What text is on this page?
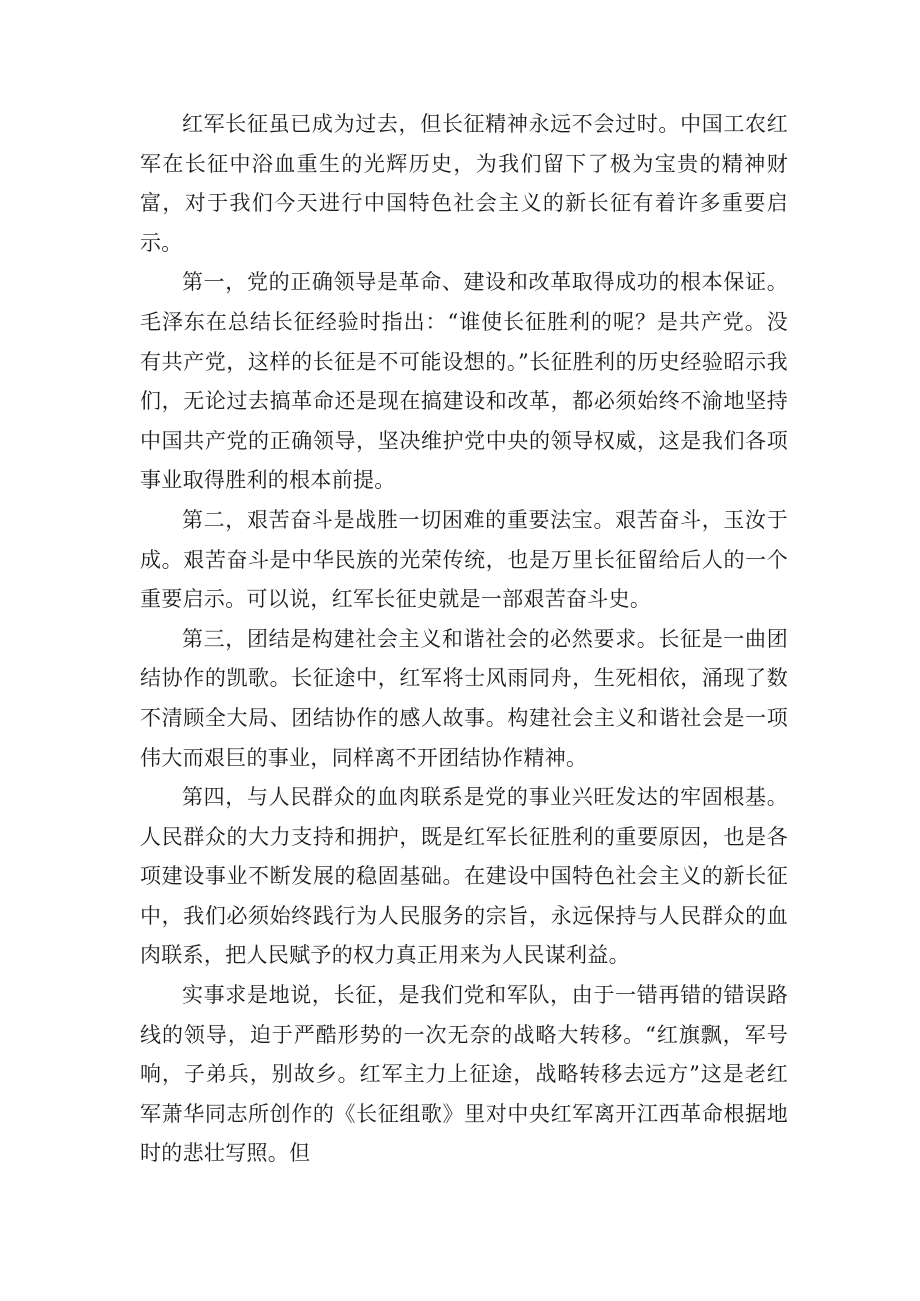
红军长征虽已成为过去，但长征精神永远不会过时。中国工农红军在长征中浴血重生的光辉历史，为我们留下了极为宝贵的精神财富，对于我们今天进行中国特色社会主义的新长征有着许多重要启示。

第一，党的正确领导是革命、建设和改革取得成功的根本保证。毛泽东在总结长征经验时指出：“谁使长征胜利的呢？是共产党。没有共产党，这样的长征是不可能设想的。”长征胜利的历史经验昭示我们，无论过去搞革命还是现在搞建设和改革，都必须始终不渝地坚持中国共产党的正确领导，坚决维护党中央的领导权威，这是我们各项事业取得胜利的根本前提。

第二，艰苦奋斗是战胜一切困难的重要法宝。艰苦奋斗，玉汝于成。艰苦奋斗是中华民族的光荣传统，也是万里长征留给后人的一个重要启示。可以说，红军长征史就是一部艰苦奋斗史。

第三，团结是构建社会主义和谐社会的必然要求。长征是一曲团结协作的凯歌。长征途中，红军将士风雨同舟，生死相依，涌现了数不清顾全大局、团结协作的感人故事。构建社会主义和谐社会是一项伟大而艰巨的事业，同样离不开团结协作精神。

第四，与人民群众的血肉联系是党的事业兴旺发达的牢固根基。人民群众的大力支持和拥护，既是红军长征胜利的重要原因，也是各项建设事业不断发展的稳固基础。在建设中国特色社会主义的新长征中，我们必须始终践行为人民服务的宗旨，永远保持与人民群众的血肉联系，把人民赋予的权力真正用来为人民谋利益。

实事求是地说，长征，是我们党和军队，由于一错再错的错误路线的领导，迫于严酷形势的一次无奈的战略大转移。“红旗飘，军号响，子弟兵，别故乡。红军主力上征途，战略转移去远方”这是老红军萧华同志所创作的《长征组歌》里对中央红军离开江西革命根据地时的悲壮写照。但
